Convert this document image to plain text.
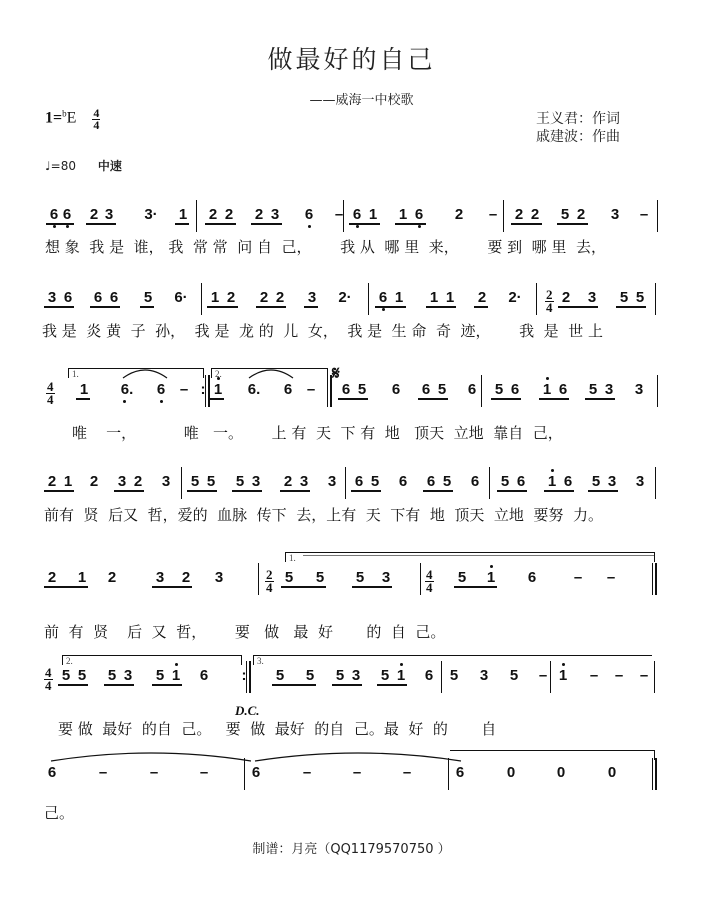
做最好的自己
——威海一中校歌
$1=^bE \frac{4}{4}$	王义君：作词
戚建波：作曲
♩=80 中速
6 6 2 3 3· 1 2 2 2 3 6 – 6 1 1 6 2 – 2 2 5 2 3 –
想 象  我 是  谁， 我  常 常  问 自  己，      我 从  哪 里  来，      要 到  哪 里  去，
3 6 6 6 5 6· 1 2 2 2 3 2· 6 1 1 1 2 2·	2 3 5 5
2
4
我 是  炎 黄  子  孙，  我 是  龙 的  儿  女，  我 是  生 命  奇  迹，      我  是  世 上
1 6. 6 – : 1 6. 6 – 6 5 6 6 5 6 5 6 1 6 5 3 3
4
4
1.	2.	𝄋
唯    一，          唯   一。      上 有  天  下 有  地   顶天  立地  靠自  己，
2 1 2 3 2 3 5 5 5 3 2 3 3 6 5 6 6 5 6 5 6 1 6 5 3 3
前有  贤  后又  哲，爱的  血脉  传下  去，上有  天  下有  地  顶天  立地  要努  力。
2 1 2	3 2 3	5 5 5 3	5 1 6	– –
2
4
4
4
1.
前  有  贤    后  又  哲，      要   做   最  好       的  自  己。
5 5 5 3 5 1 6 : 5 5 5 3 5 1 6 5 3 5 – 1 – – –
4
4
2.	3.
D.C.
要 做  最好  的自  己。   要  做  最好  的自  己。最  好  的       自
6	–	–	–	6	–	–	–	6	0	0	0
己。
制谱：月亮（QQ1179570750 ）
